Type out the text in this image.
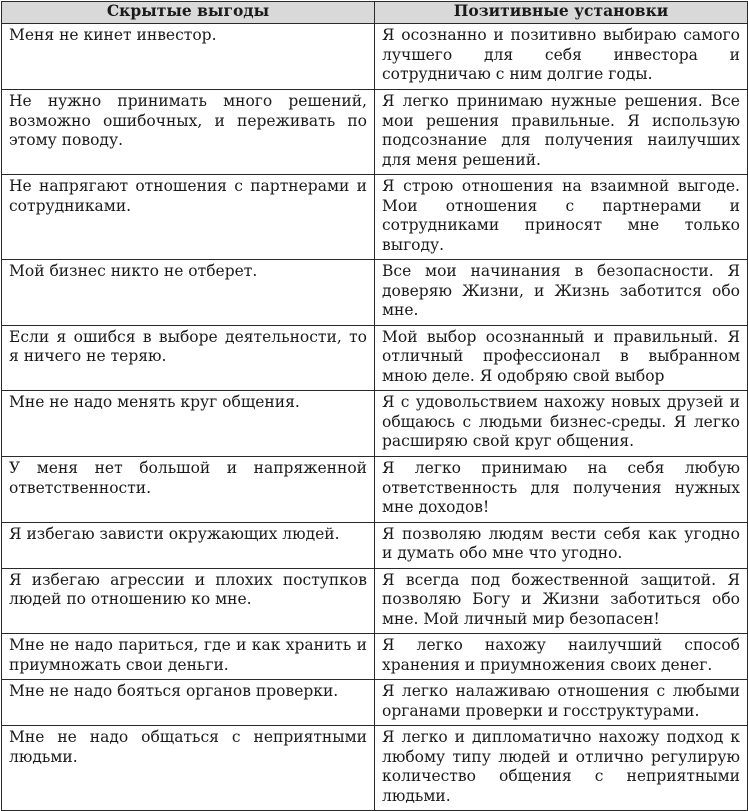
Скрытые выгоды	Позитивные установки
Меня не кинет инвестор.	Я осознанно и позитивно выбираю самого лучшего для себя инвестора и сотрудничаю с ним долгие годы.
Не нужно принимать много решений, возможно ошибочных, и переживать по этому поводу.	Я легко принимаю нужные решения. Все мои решения правильные. Я использую подсознание для получения наилучших для меня решений.
Не напрягают отношения с партнерами и сотрудниками.	Я строю отношения на взаимной выгоде. Мои отношения с партнерами и сотрудниками приносят мне только выгоду.
Мой бизнес никто не отберет.	Все мои начинания в безопасности. Я доверяю Жизни, и Жизнь заботится обо мне.
Если я ошибся в выборе деятельности, то я ничего не теряю.	Мой выбор осознанный и правильный. Я отличный профессионал в выбранном мною деле. Я одобряю свой выбор
Мне не надо менять круг общения.	Я с удовольствием нахожу новых друзей и общаюсь с людьми бизнес-среды. Я легко расширяю свой круг общения.
У меня нет большой и напряженной ответственности.	Я легко принимаю на себя любую ответственность для получения нужных мне доходов!
Я избегаю зависти окружающих людей.	Я позволяю людям вести себя как угодно и думать обо мне что угодно.
Я избегаю агрессии и плохих поступков людей по отношению ко мне.	Я всегда под божественной защитой. Я позволяю Богу и Жизни заботиться обо мне. Мой личный мир безопасен!
Мне не надо париться, где и как хранить и приумножать свои деньги.	Я легко нахожу наилучший способ хранения и приумножения своих денег.
Мне не надо бояться органов проверки.	Я легко налаживаю отношения с любыми органами проверки и госструктурами.
Мне не надо общаться с неприятными людьми.	Я легко и дипломатично нахожу подход к любому типу людей и отлично регулирую количество общения с неприятными людьми.
